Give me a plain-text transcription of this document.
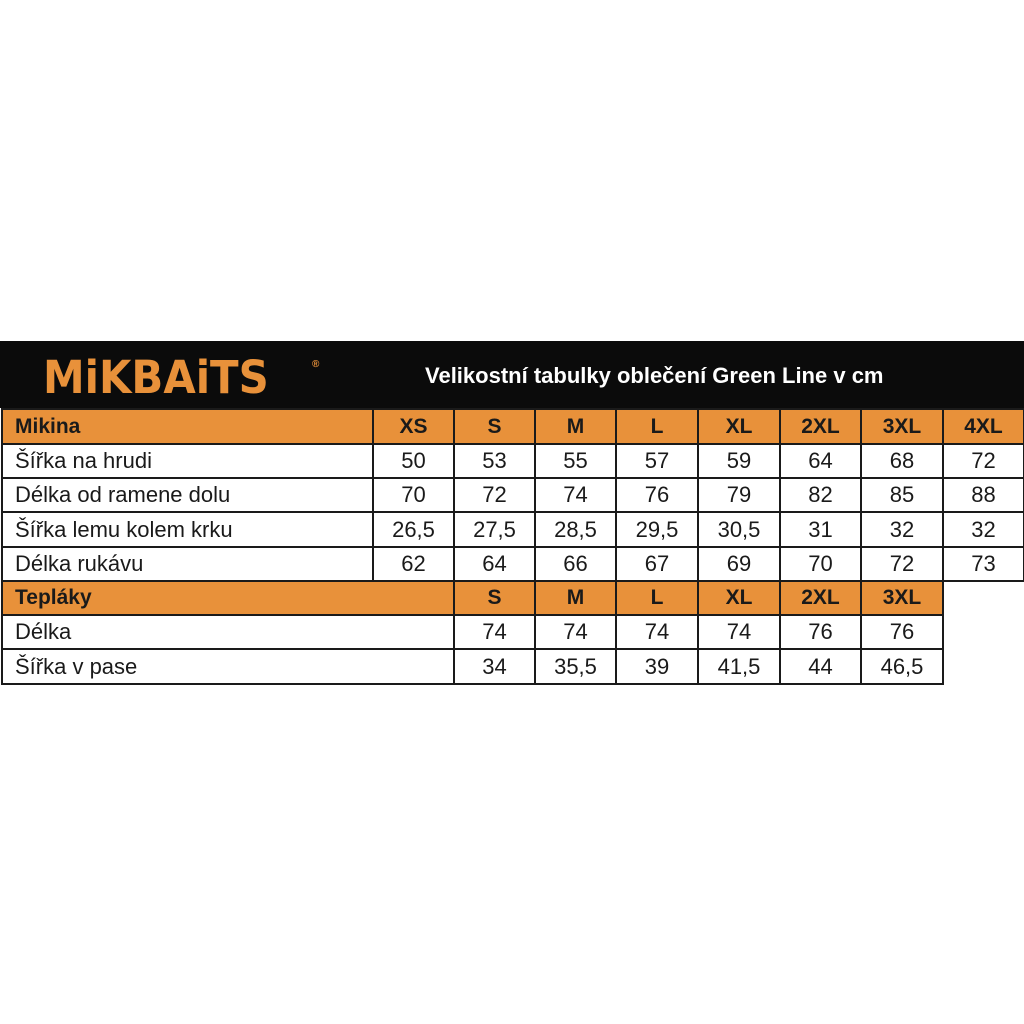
MiKBAiTS	®	Velikostní tabulky oblečení Green Line v cm
Mikina	XS	S	M	L	XL	2XL	3XL	4XL
Šířka na hrudi	50	53	55	57	59	64	68	72
Délka od ramene dolu	70	72	74	76	79	82	85	88
Šířka lemu kolem krku	26,5	27,5	28,5	29,5	30,5	31	32	32
Délka rukávu	62	64	66	67	69	70	72	73
Tepláky	S	M	L	XL	2XL	3XL
Délka	74	74	74	74	76	76
Šířka v pase	34	35,5	39	41,5	44	46,5
